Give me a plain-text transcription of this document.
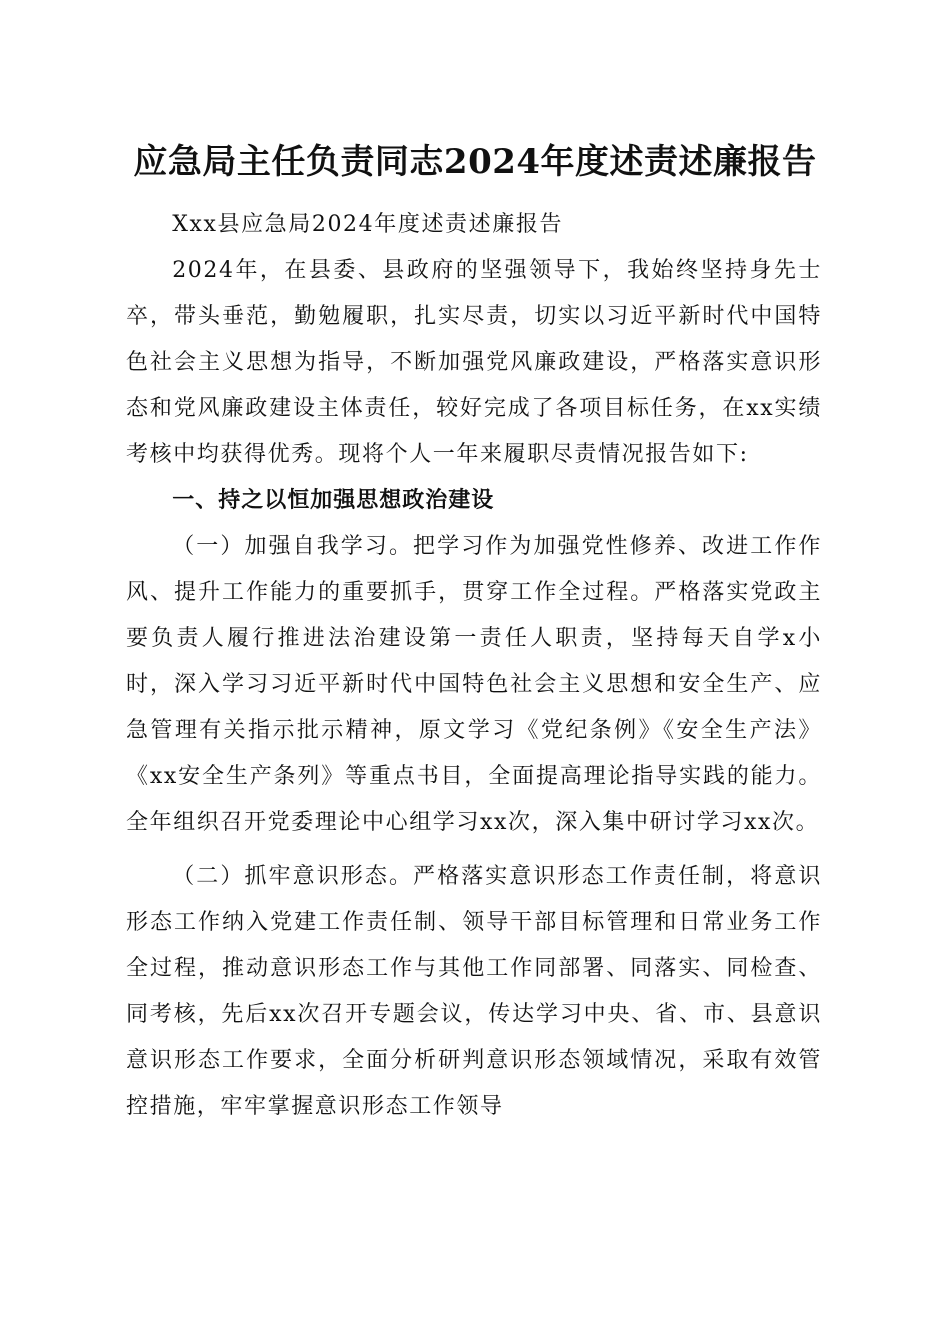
应急局主任负责同志2024年度述责述廉报告

Xxx县应急局2024年度述责述廉报告

2024年，在县委、县政府的坚强领导下，我始终坚持身先士卒，带头垂范，勤勉履职，扎实尽责，切实以习近平新时代中国特色社会主义思想为指导，不断加强党风廉政建设，严格落实意识形态和党风廉政建设主体责任，较好完成了各项目标任务，在xx实绩考核中均获得优秀。现将个人一年来履职尽责情况报告如下:

一、持之以恒加强思想政治建设

（一）加强自我学习。把学习作为加强党性修养、改进工作作风、提升工作能力的重要抓手，贯穿工作全过程。严格落实党政主要负责人履行推进法治建设第一责任人职责，坚持每天自学x小时，深入学习习近平新时代中国特色社会主义思想和安全生产、应急管理有关指示批示精神，原文学习《党纪条例》《安全生产法》《xx安全生产条列》等重点书目，全面提高理论指导实践的能力。全年组织召开党委理论中心组学习xx次，深入集中研讨学习xx次。

（二）抓牢意识形态。严格落实意识形态工作责任制，将意识形态工作纳入党建工作责任制、领导干部目标管理和日常业务工作全过程，推动意识形态工作与其他工作同部署、同落实、同检查、同考核，先后xx次召开专题会议，传达学习中央、省、市、县意识意识形态工作要求，全面分析研判意识形态领域情况，采取有效管控措施，牢牢掌握意识形态工作领导
